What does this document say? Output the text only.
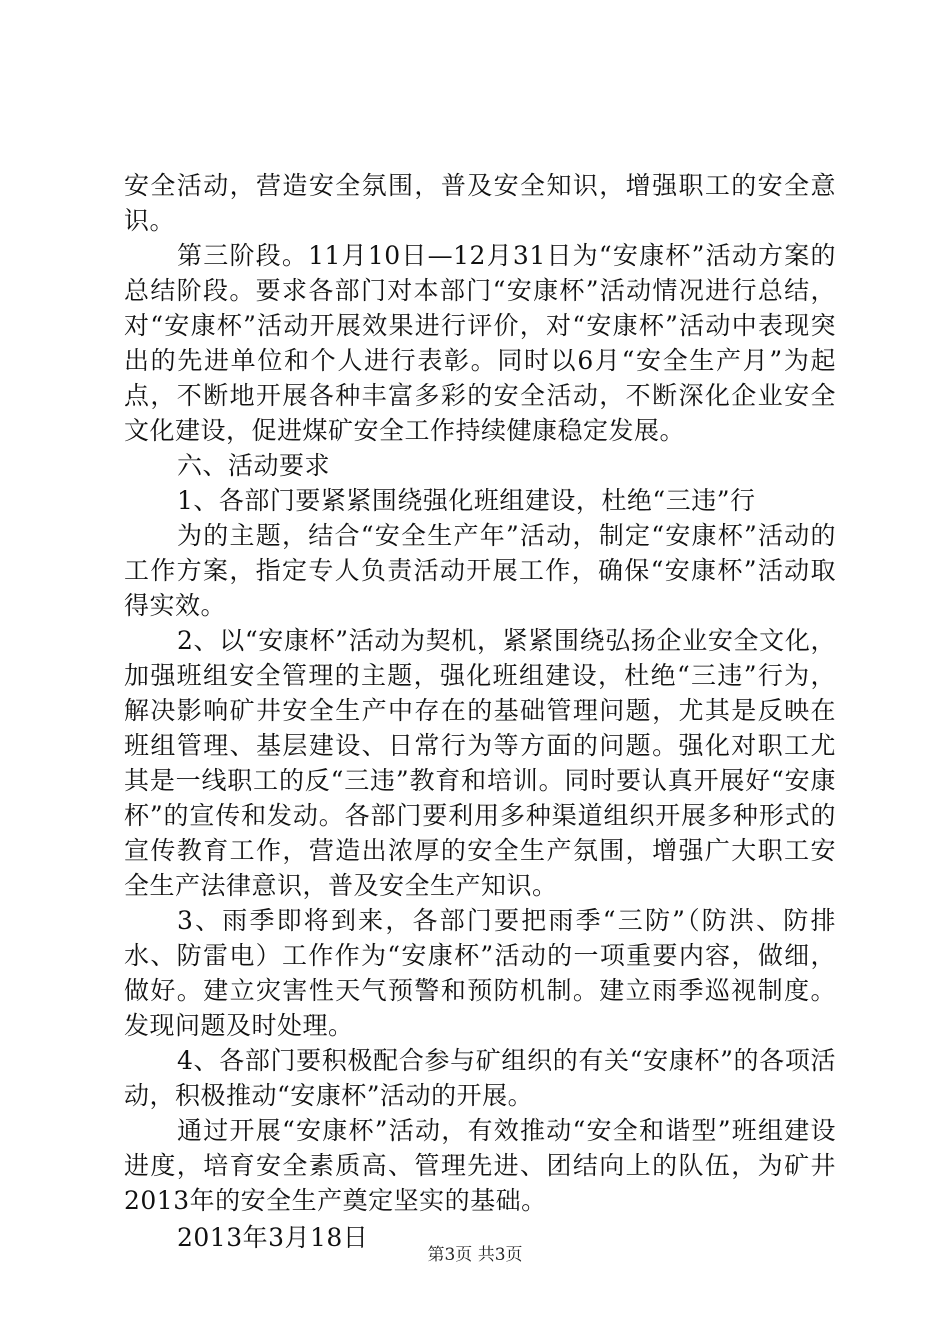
安全活动，营造安全氛围，普及安全知识，增强职工的安全意识。

第三阶段。11月10日—12月31日为“安康杯”活动方案的总结阶段。要求各部门对本部门“安康杯”活动情况进行总结，对“安康杯”活动开展效果进行评价，对“安康杯”活动中表现突出的先进单位和个人进行表彰。同时以6月“安全生产月”为起点，不断地开展各种丰富多彩的安全活动，不断深化企业安全文化建设，促进煤矿安全工作持续健康稳定发展。

六、活动要求

1、各部门要紧紧围绕强化班组建设，杜绝“三违”行

为的主题，结合“安全生产年”活动，制定“安康杯”活动的工作方案，指定专人负责活动开展工作，确保“安康杯”活动取得实效。

2、以“安康杯”活动为契机，紧紧围绕弘扬企业安全文化，加强班组安全管理的主题，强化班组建设，杜绝“三违”行为，解决影响矿井安全生产中存在的基础管理问题，尤其是反映在班组管理、基层建设、日常行为等方面的问题。强化对职工尤其是一线职工的反“三违”教育和培训。同时要认真开展好“安康杯”的宣传和发动。各部门要利用多种渠道组织开展多种形式的宣传教育工作，营造出浓厚的安全生产氛围，增强广大职工安全生产法律意识，普及安全生产知识。

3、雨季即将到来，各部门要把雨季“三防”（防洪、防排水、防雷电）工作作为“安康杯”活动的一项重要内容，做细，做好。建立灾害性天气预警和预防机制。建立雨季巡视制度。发现问题及时处理。

4、各部门要积极配合参与矿组织的有关“安康杯”的各项活动，积极推动“安康杯”活动的开展。

通过开展“安康杯”活动，有效推动“安全和谐型”班组建设进度，培育安全素质高、管理先进、团结向上的队伍，为矿井2013年的安全生产奠定坚实的基础。

2013年3月18日

第3页 共3页
